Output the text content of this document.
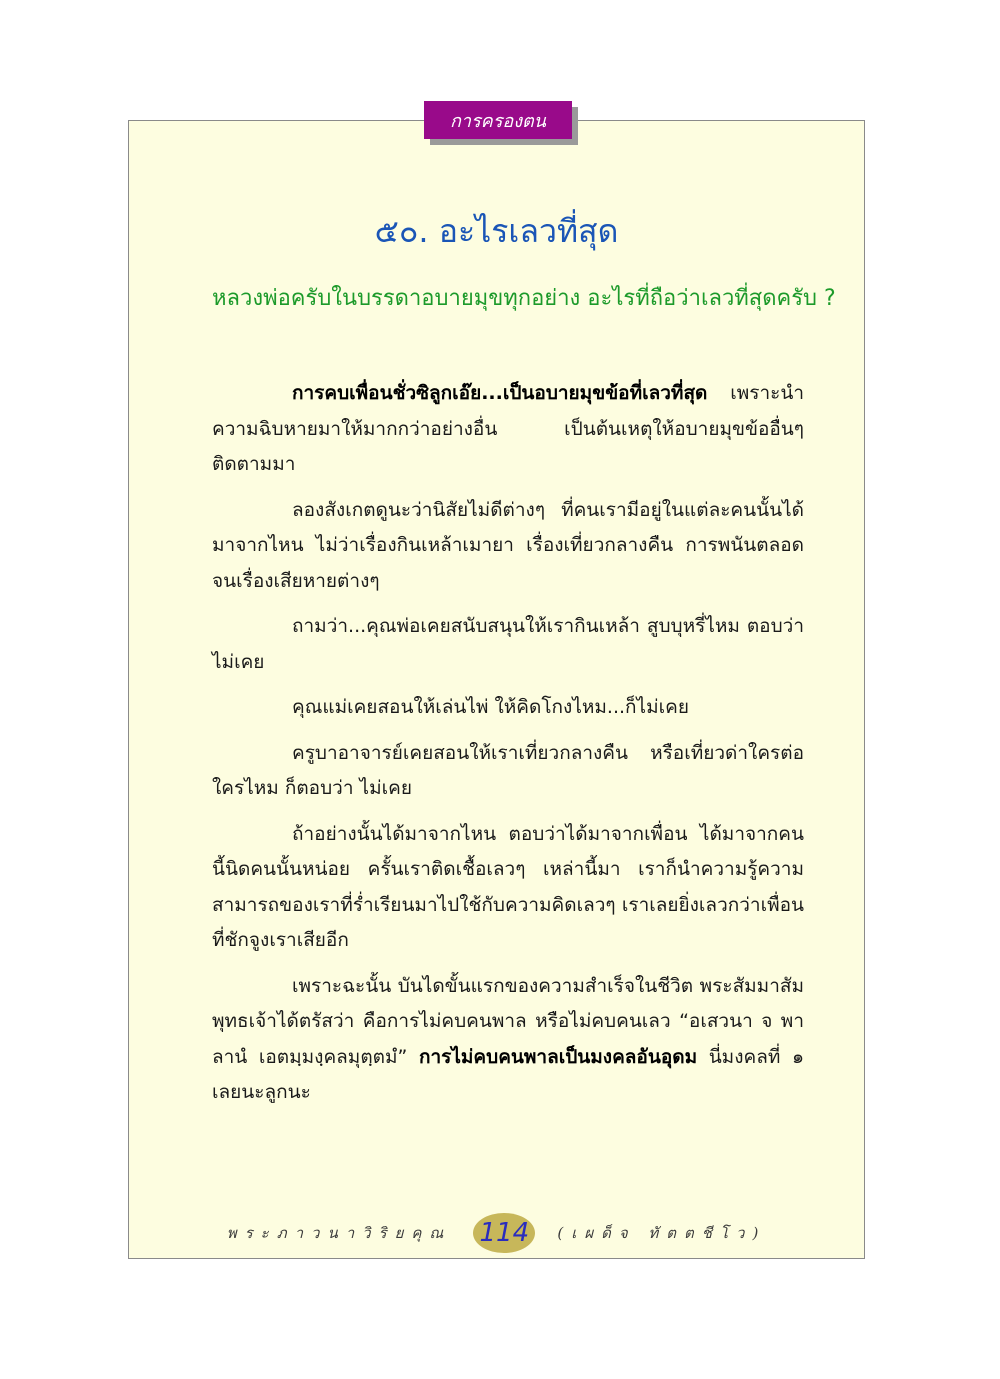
การครองตน
๕๐. อะไรเลวที่สุด
หลวงพ่อครับในบรรดาอบายมุขทุกอย่าง อะไรที่ถือว่าเลวที่สุดครับ ?

การคบเพื่อนชั่วซิลูกเอ๊ย...เป็นอบายมุขข้อที่เลวที่สุด เพราะนำความฉิบหายมาให้มากกว่าอย่างอื่น เป็นต้นเหตุให้อบายมุขข้ออื่นๆ ติดตามมา

ลองสังเกตดูนะว่านิสัยไม่ดีต่างๆ ที่คนเรามีอยู่ในแต่ละคนนั้นได้มาจากไหน ไม่ว่าเรื่องกินเหล้าเมายา เรื่องเที่ยวกลางคืน การพนันตลอดจนเรื่องเสียหายต่างๆ

ถามว่า...คุณพ่อเคยสนับสนุนให้เรากินเหล้า สูบบุหรี่ไหม ตอบว่า ไม่เคย

คุณแม่เคยสอนให้เล่นไพ่ ให้คิดโกงไหม...ก็ไม่เคย

ครูบาอาจารย์เคยสอนให้เราเที่ยวกลางคืน หรือเที่ยวด่าใครต่อใครไหม ก็ตอบว่า ไม่เคย

ถ้าอย่างนั้นได้มาจากไหน ตอบว่าได้มาจากเพื่อน ได้มาจากคนนี้นิดคนนั้นหน่อย ครั้นเราติดเชื้อเลวๆ เหล่านี้มา เราก็นำความรู้ความสามารถของเราที่ร่ำเรียนมาไปใช้กับความคิดเลวๆ เราเลยยิ่งเลวกว่าเพื่อนที่ชักจูงเราเสียอีก

เพราะฉะนั้น บันไดขั้นแรกของความสำเร็จในชีวิต พระสัมมาสัมพุทธเจ้าได้ตรัสว่า คือการไม่คบคนพาล หรือไม่คบคนเลว “อเสวนา จ พาลานํ เอตมฺมงฺคลมุตฺตมํ” การไม่คบคนพาลเป็นมงคลอันอุดม นี่มงคลที่ ๑ เลยนะลูกนะ

พระภาวนาวิริยคุณ 114	(เผด็จ ทัตตชีโว)
